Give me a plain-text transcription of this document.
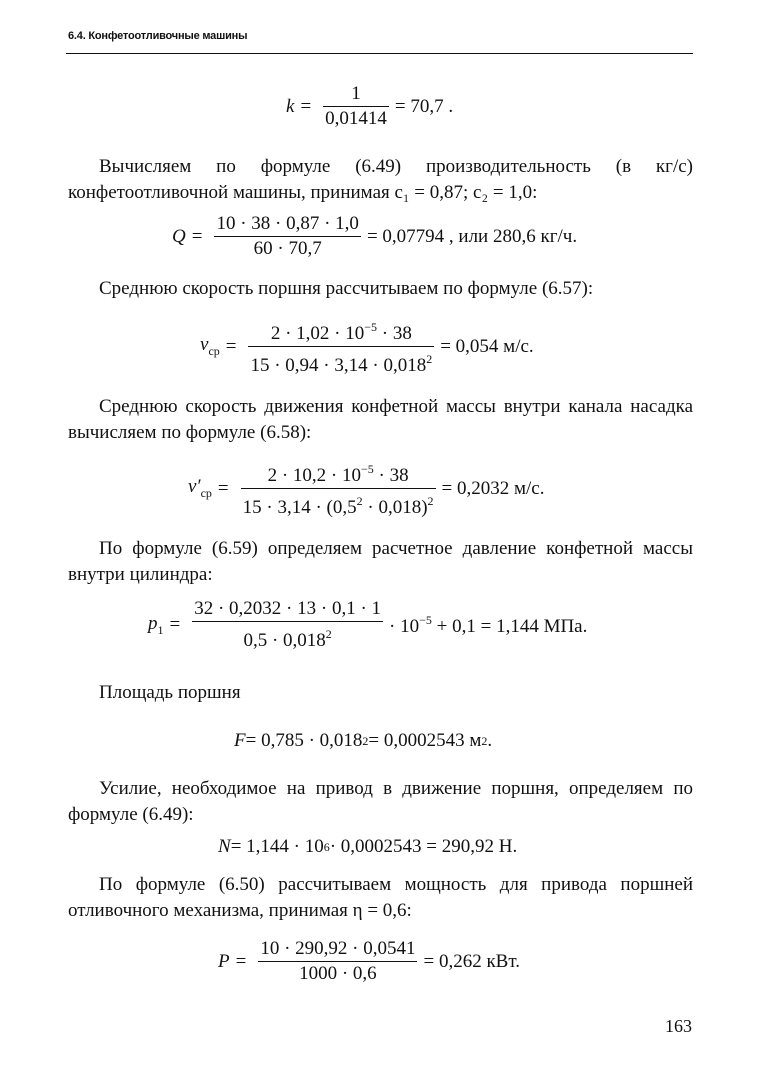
6.4. Конфетоотливочные машины
$k = \frac{1}{0,01414} = 70,7$ .

Вычисляем по формуле (6.49) производительность (в кг/с) конфетоотливочной машины, принимая c₁ = 0,87; c₂ = 1,0:

$Q = \frac{10 \cdot 38 \cdot 0,87 \cdot 1,0}{60 \cdot 70,7} = 0,07794$ , или 280,6 кг/ч.

Среднюю скорость поршня рассчитываем по формуле (6.57):

$v_{ср} = \frac{2 \cdot 1,02 \cdot 10^{-5} \cdot 38}{15 \cdot 0,94 \cdot 3,14 \cdot 0,018^2} = 0,054$ м/с.

Среднюю скорость движения конфетной массы внутри канала насадка вычисляем по формуле (6.58):

$v'_{ср} = \frac{2 \cdot 10,2 \cdot 10^{-5} \cdot 38}{15 \cdot 3,14 \cdot (0,5^2 \cdot 0,018)^2} = 0,2032$ м/с.

По формуле (6.59) определяем расчетное давление конфетной массы внутри цилиндра:

$p_1 = \frac{32 \cdot 0,2032 \cdot 13 \cdot 0,1 \cdot 1}{0,5 \cdot 0,018^2} \cdot 10^{-5} + 0,1 = 1,144$ МПа.

Площадь поршня

F = 0,785 · 0,018 2 = 0,0002543 м 2 .

Усилие, необходимое на привод в движение поршня, определяем по формуле (6.49):

N = 1,144 · 10 6 · 0,0002543 = 290,92 Н.

По формуле (6.50) рассчитываем мощность для привода поршней отливочного механизма, принимая η = 0,6:

$P = \frac{10 \cdot 290,92 \cdot 0,0541}{1000 \cdot 0,6} = 0,262$ кВт.
163
